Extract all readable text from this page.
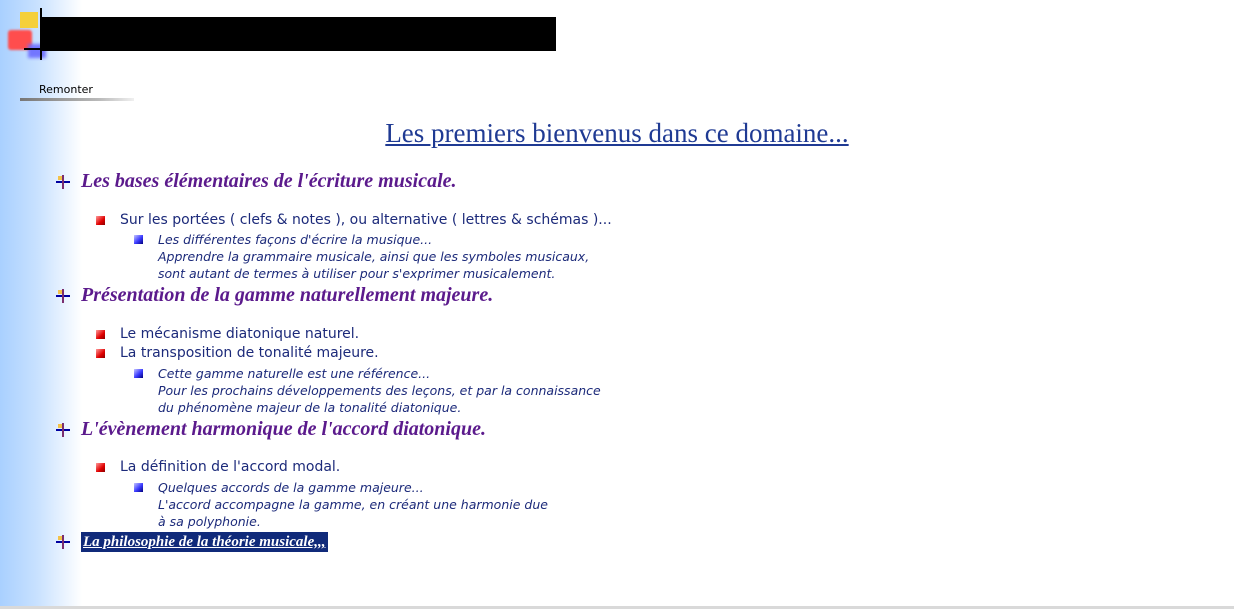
Remonter
Les premiers bienvenus dans ce domaine...
Les bases élémentaires de l'écriture musicale.
Sur les portées ( clefs & notes ), ou alternative ( lettres & schémas )...
Les différentes façons d'écrire la musique...
Apprendre la grammaire musicale, ainsi que les symboles musicaux,
sont autant de termes à utiliser pour s'exprimer musicalement.
Présentation de la gamme naturellement majeure.
Le mécanisme diatonique naturel.
La transposition de tonalité majeure.
Cette gamme naturelle est une référence...
Pour les prochains développements des leçons, et par la connaissance
du phénomène majeur de la tonalité diatonique.
L'évènement harmonique de l'accord diatonique.
La définition de l'accord modal.
Quelques accords de la gamme majeure...
L'accord accompagne la gamme, en créant une harmonie due
à sa polyphonie.
La philosophie de la théorie musicale,,,
